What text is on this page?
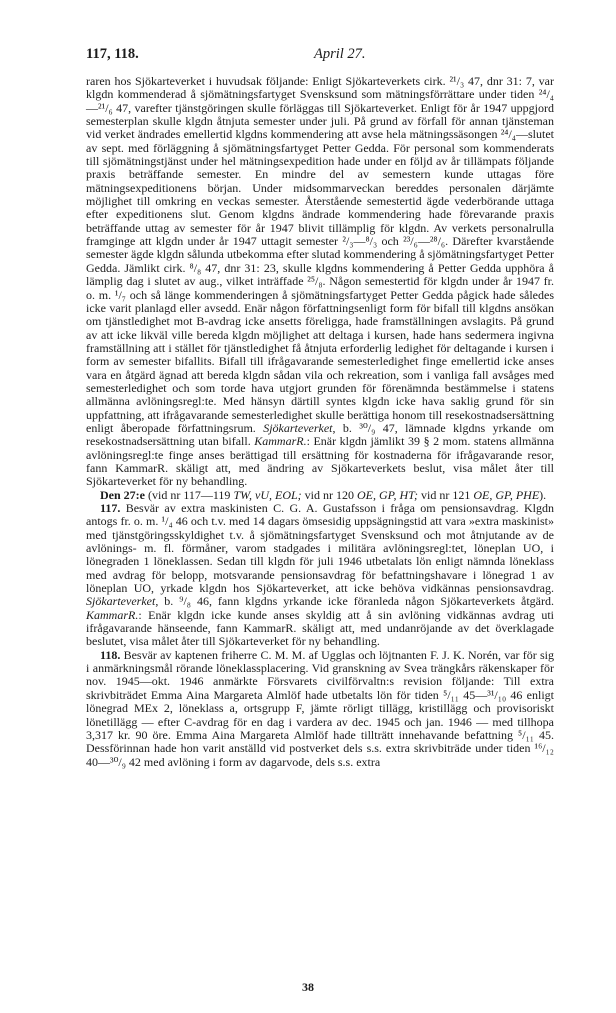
117, 118.	April 27.

raren hos Sjökarteverket i huvudsak följande: Enligt Sjökarteverkets cirk. ²¹/₃ 47, dnr 31: 7, var klgdn kommenderad å sjömätningsfartyget Svensksund som mätningsförrättare under tiden ²⁴/₄—²¹/₆ 47, varefter tjänstgöringen skulle förläggas till Sjökarteverket. Enligt för år 1947 uppgjord semesterplan skulle klgdn åtnjuta semester under juli. På grund av förfall för annan tjänsteman vid verket ändrades emellertid klgdns kommendering att avse hela mätningssäsongen ²⁴/₄—slutet av sept. med förläggning å sjömätningsfartyget Petter Gedda. För personal som kommenderats till sjömätningstjänst under hel mätningsexpedition hade under en följd av år tillämpats följande praxis beträffande semester. En mindre del av semestern kunde uttagas före mätningsexpeditionens början. Under midsommarveckan bereddes personalen därjämte möjlighet till omkring en veckas semester. Återstående semestertid ägde vederbörande uttaga efter expeditionens slut. Genom klgdns ändrade kommendering hade förevarande praxis beträffande uttag av semester för år 1947 blivit tillämplig för klgdn. Av verkets personalrulla framginge att klgdn under år 1947 uttagit semester ²/₃—⁸/₃ och ²³/₆—²⁸/₆. Därefter kvarstående semester ägde klgdn sålunda utbekomma efter slutad kommendering å sjömätningsfartyget Petter Gedda. Jämlikt cirk. ⁸/₈ 47, dnr 31: 23, skulle klgdns kommendering å Petter Gedda upphöra å lämplig dag i slutet av aug., vilket inträffade ²⁵/₈. Någon semestertid för klgdn under år 1947 fr. o. m. ¹/₇ och så länge kommenderingen å sjömätningsfartyget Petter Gedda pågick hade således icke varit planlagd eller avsedd. Enär någon författningsenligt form för bifall till klgdns ansökan om tjänstledighet mot B-avdrag icke ansetts föreligga, hade framställningen avslagits. På grund av att icke likväl ville bereda klgdn möjlighet att deltaga i kursen, hade hans sedermera ingivna framställning att i stället för tjänstledighet få åtnjuta erforderlig ledighet för deltagande i kursen i form av semester bifallits. Bifall till ifrågavarande semesterledighet finge emellertid icke anses vara en åtgärd ägnad att bereda klgdn sådan vila och rekreation, som i vanliga fall avsåges med semesterledighet och som torde hava utgjort grunden för förenämnda bestämmelse i statens allmänna avlöningsregl:te. Med hänsyn därtill syntes klgdn icke hava saklig grund för sin uppfattning, att ifrågavarande semesterledighet skulle berättiga honom till resekostnadsersättning enligt åberopade författningsrum. Sjökarteverket, b. ³⁰/₉ 47, lämnade klgdns yrkande om resekostnadsersättning utan bifall. KammarR.: Enär klgdn jämlikt 39 § 2 mom. statens allmänna avlöningsregl:te finge anses berättigad till ersättning för kostnaderna för ifrågavarande resor, fann KammarR. skäligt att, med ändring av Sjökarteverkets beslut, visa målet åter till Sjökarteverket för ny behandling.

Den 27:e (vid nr 117—119 TW, vU, EOL; vid nr 120 OE, GP, HT; vid nr 121 OE, GP, PHE).

117. Besvär av extra maskinisten C. G. A. Gustafsson i fråga om pensionsavdrag. Klgdn antogs fr. o. m. ¹/₄ 46 och t.v. med 14 dagars ömsesidig uppsägningstid att vara »extra maskinist» med tjänstgöringsskyldighet t.v. å sjömätningsfartyget Svensksund och mot åtnjutande av de avlönings- m. fl. förmåner, varom stadgades i militära avlöningsregl:tet, löneplan UO, i lönegraden 1 löneklassen. Sedan till klgdn för juli 1946 utbetalats lön enligt nämnda löneklass med avdrag för belopp, motsvarande pensionsavdrag för befattningshavare i lönegrad 1 av löneplan UO, yrkade klgdn hos Sjökarteverket, att icke behöva vidkännas pensionsavdrag. Sjökarteverket, b. ⁹/₈ 46, fann klgdns yrkande icke föranleda någon Sjökarteverkets åtgärd. KammarR.: Enär klgdn icke kunde anses skyldig att å sin avlöning vidkännas avdrag uti ifrågavarande hänseende, fann KammarR. skäligt att, med undanröjande av det överklagade beslutet, visa målet åter till Sjökarteverket för ny behandling.

118. Besvär av kaptenen friherre C. M. M. af Ugglas och löjtnanten F. J. K. Norén, var för sig i anmärkningsmål rörande löneklassplacering. Vid granskning av Svea trängkårs räkenskaper för nov. 1945—okt. 1946 anmärkte Försvarets civilförvaltn:s revision följande: Till extra skrivbiträdet Emma Aina Margareta Almlöf hade utbetalts lön för tiden ⁵/₁₁ 45—³¹/₁₀ 46 enligt lönegrad MEx 2, löneklass a, ortsgrupp F, jämte rörligt tillägg, kristillägg och provisoriskt lönetillägg — efter C-avdrag för en dag i vardera av dec. 1945 och jan. 1946 — med tillhopa 3,317 kr. 90 öre. Emma Aina Margareta Almlöf hade tillträtt innehavande befattning ⁵/₁₁ 45. Dessförinnan hade hon varit anställd vid postverket dels s.s. extra skrivbiträde under tiden ¹⁶/₁₂ 40—³⁰/₉ 42 med avlöning i form av dagarvode, dels s.s. extra

38
